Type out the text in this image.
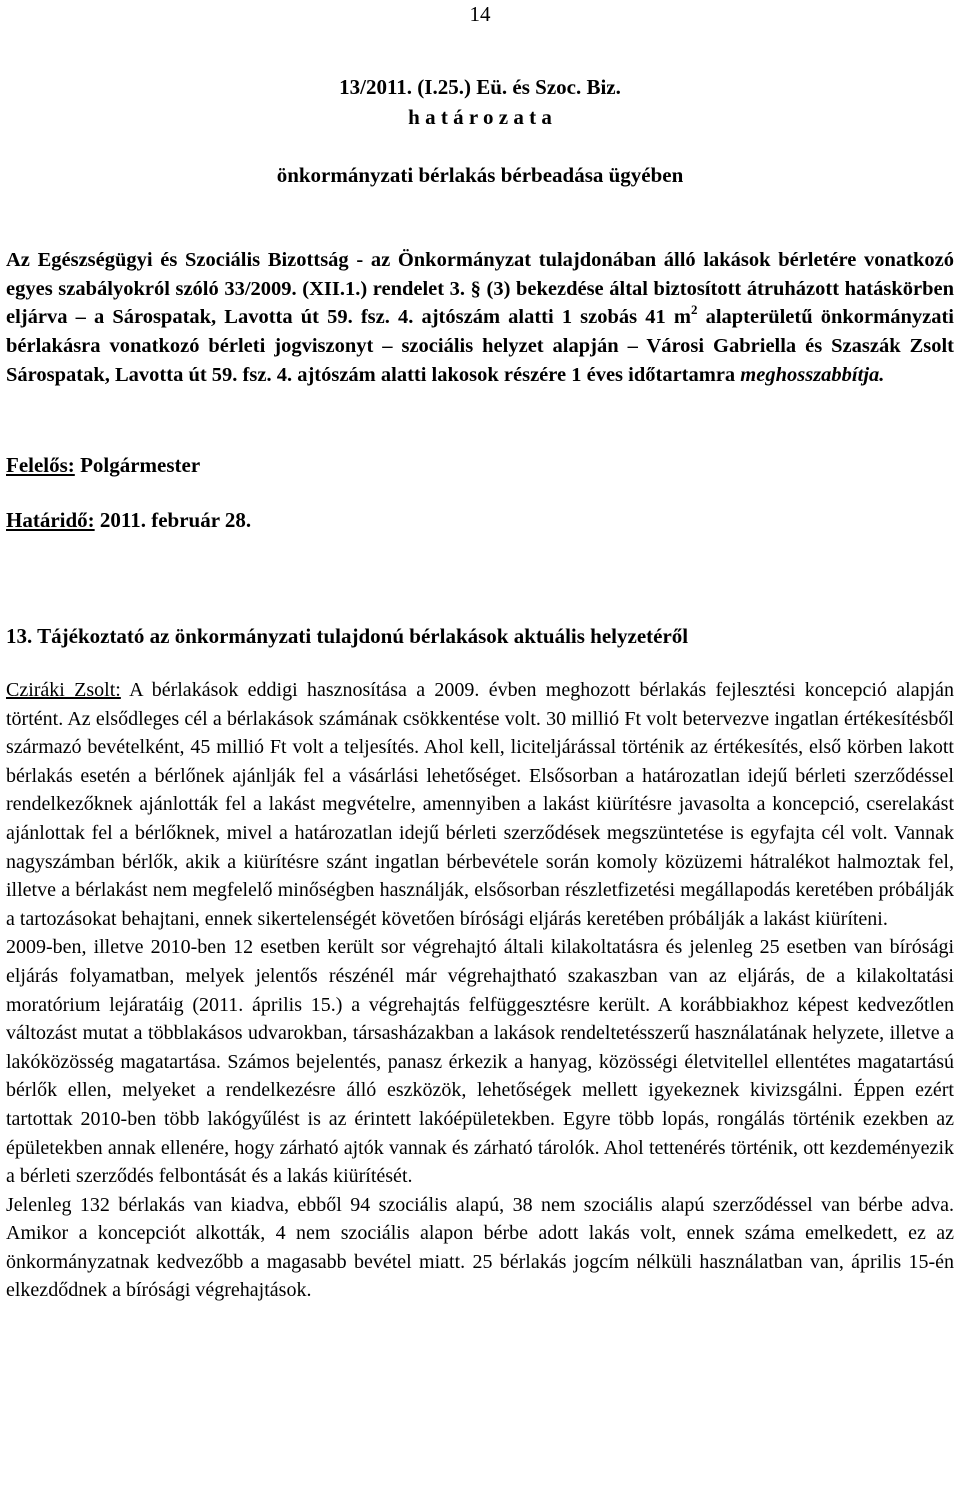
14
13/2011. (I.25.) Eü. és Szoc. Biz.
h a t á r o z a t a
önkormányzati bérlakás bérbeadása ügyében
Az Egészségügyi és Szociális Bizottság - az Önkormányzat tulajdonában álló lakások bérletére vonatkozó egyes szabályokról szóló 33/2009. (XII.1.) rendelet 3. § (3) bekezdése által biztosított átruházott hatáskörben eljárva – a Sárospatak, Lavotta út 59. fsz. 4. ajtószám alatti 1 szobás 41 $m^2$ alapterületű önkormányzati bérlakásra vonatkozó bérleti jogviszonyt – szociális helyzet alapján – Városi Gabriella és Szaszák Zsolt Sárospatak, Lavotta út 59. fsz. 4. ajtószám alatti lakosok részére 1 éves időtartamra meghosszabbítja.
Felelős: Polgármester
Határidő: 2011. február 28.
13. Tájékoztató az önkormányzati tulajdonú bérlakások aktuális helyzetéről

Cziráki Zsolt: A bérlakások eddigi hasznosítása a 2009. évben meghozott bérlakás fejlesztési koncepció alapján történt. Az elsődleges cél a bérlakások számának csökkentése volt. 30 millió Ft volt betervezve ingatlan értékesítésből származó bevételként, 45 millió Ft volt a teljesítés. Ahol kell, liciteljárással történik az értékesítés, első körben lakott bérlakás esetén a bérlőnek ajánlják fel a vásárlási lehetőséget. Elsősorban a határozatlan idejű bérleti szerződéssel rendelkezőknek ajánlották fel a lakást megvételre, amennyiben a lakást kiürítésre javasolta a koncepció, cserelakást ajánlottak fel a bérlőknek, mivel a határozatlan idejű bérleti szerződések megszüntetése is egyfajta cél volt. Vannak nagyszámban bérlők, akik a kiürítésre szánt ingatlan bérbevétele során komoly közüzemi hátralékot halmoztak fel, illetve a bérlakást nem megfelelő minőségben használják, elsősorban részletfizetési megállapodás keretében próbálják a tartozásokat behajtani, ennek sikertelenségét követően bírósági eljárás keretében próbálják a lakást kiüríteni.

2009-ben, illetve 2010-ben 12 esetben került sor végrehajtó általi kilakoltatásra és jelenleg 25 esetben van bírósági eljárás folyamatban, melyek jelentős részénél már végrehajtható szakaszban van az eljárás, de a kilakoltatási moratórium lejáratáig (2011. április 15.) a végrehajtás felfüggesztésre került. A korábbiakhoz képest kedvezőtlen változást mutat a többlakásos udvarokban, társasházakban a lakások rendeltetésszerű használatának helyzete, illetve a lakóközösség magatartása. Számos bejelentés, panasz érkezik a hanyag, közösségi életvitellel ellentétes magatartású bérlők ellen, melyeket a rendelkezésre álló eszközök, lehetőségek mellett igyekeznek kivizsgálni. Éppen ezért tartottak 2010-ben több lakógyűlést is az érintett lakóépületekben. Egyre több lopás, rongálás történik ezekben az épületekben annak ellenére, hogy zárható ajtók vannak és zárható tárolók. Ahol tettenérés történik, ott kezdeményezik a bérleti szerződés felbontását és a lakás kiürítését.

Jelenleg 132 bérlakás van kiadva, ebből 94 szociális alapú, 38 nem szociális alapú szerződéssel van bérbe adva. Amikor a koncepciót alkották, 4 nem szociális alapon bérbe adott lakás volt, ennek száma emelkedett, ez az önkormányzatnak kedvezőbb a magasabb bevétel miatt. 25 bérlakás jogcím nélküli használatban van, április 15-én elkezdődnek a bírósági végrehajtások.
